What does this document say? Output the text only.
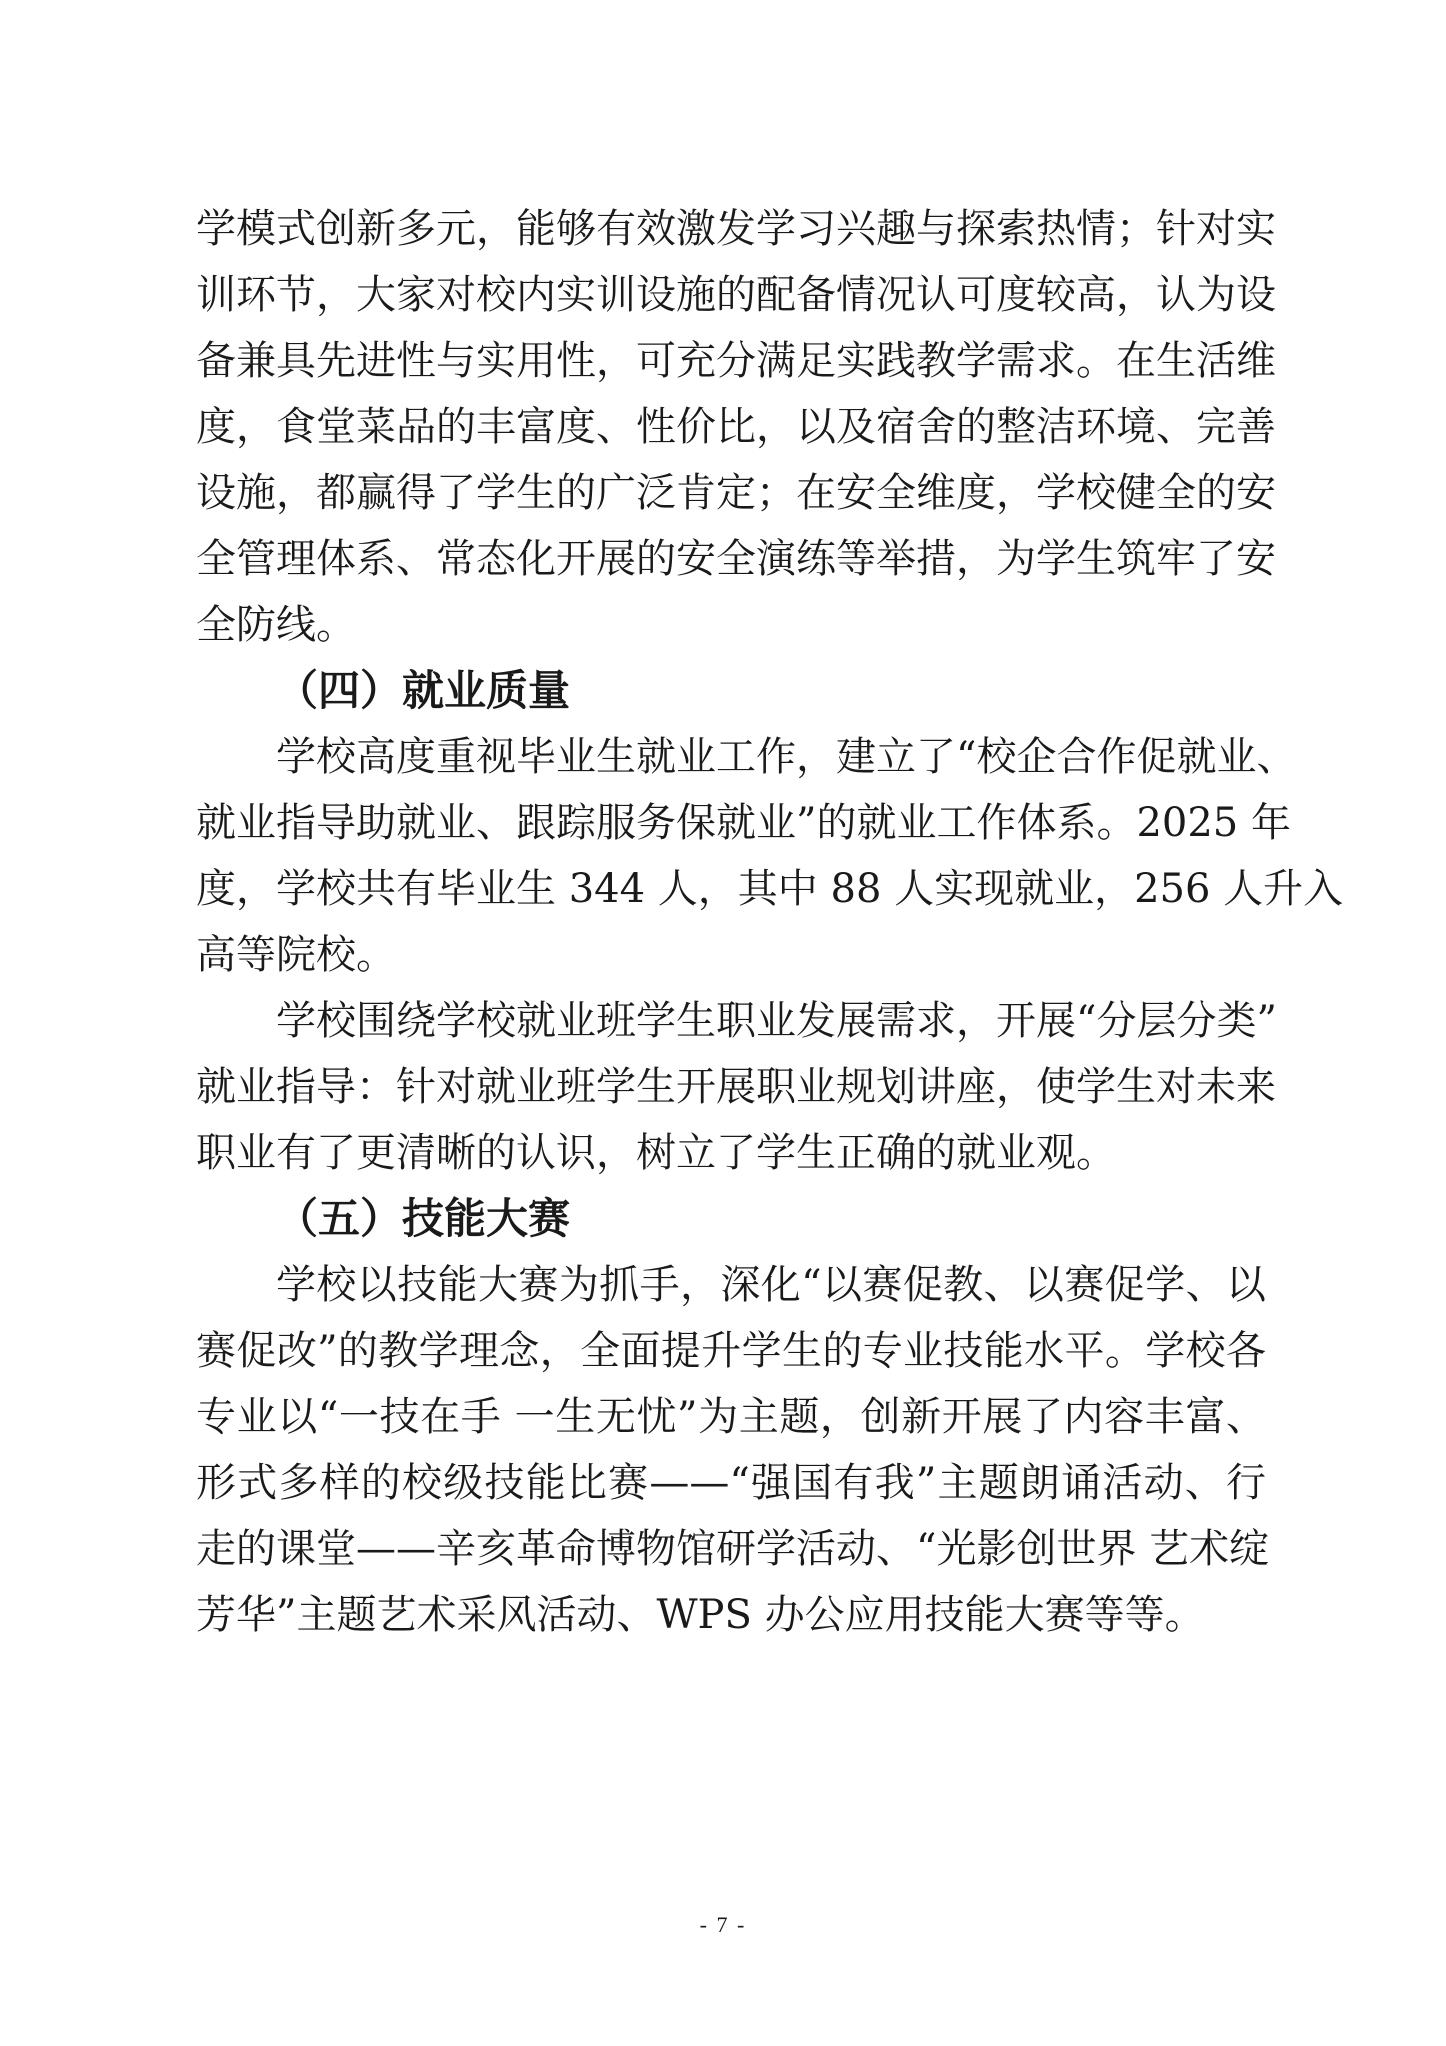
学模式创新多元，能够有效激发学习兴趣与探索热情；针对实
训环节，大家对校内实训设施的配备情况认可度较高，认为设
备兼具先进性与实用性，可充分满足实践教学需求。在生活维
度，食堂菜品的丰富度、性价比，以及宿舍的整洁环境、完善
设施，都赢得了学生的广泛肯定；在安全维度，学校健全的安
全管理体系、常态化开展的安全演练等举措，为学生筑牢了安
全防线。
（四）就业质量
学校高度重视毕业生就业工作，建立了“校企合作促就业、
就业指导助就业、跟踪服务保就业”的就业工作体系。2025 年
度，学校共有毕业生 344 人，其中 88 人实现就业，256 人升入
高等院校。
学校围绕学校就业班学生职业发展需求，开展“分层分类”
就业指导：针对就业班学生开展职业规划讲座，使学生对未来
职业有了更清晰的认识，树立了学生正确的就业观。
（五）技能大赛
学校以技能大赛为抓手，深化“以赛促教、以赛促学、以
赛促改”的教学理念，全面提升学生的专业技能水平。学校各
专业以“一技在手 一生无忧”为主题，创新开展了内容丰富、
形式多样的校级技能比赛——“强国有我”主题朗诵活动、行
走的课堂——辛亥革命博物馆研学活动、“光影创世界 艺术绽
芳华”主题艺术采风活动、WPS 办公应用技能大赛等等。
- 7 -
